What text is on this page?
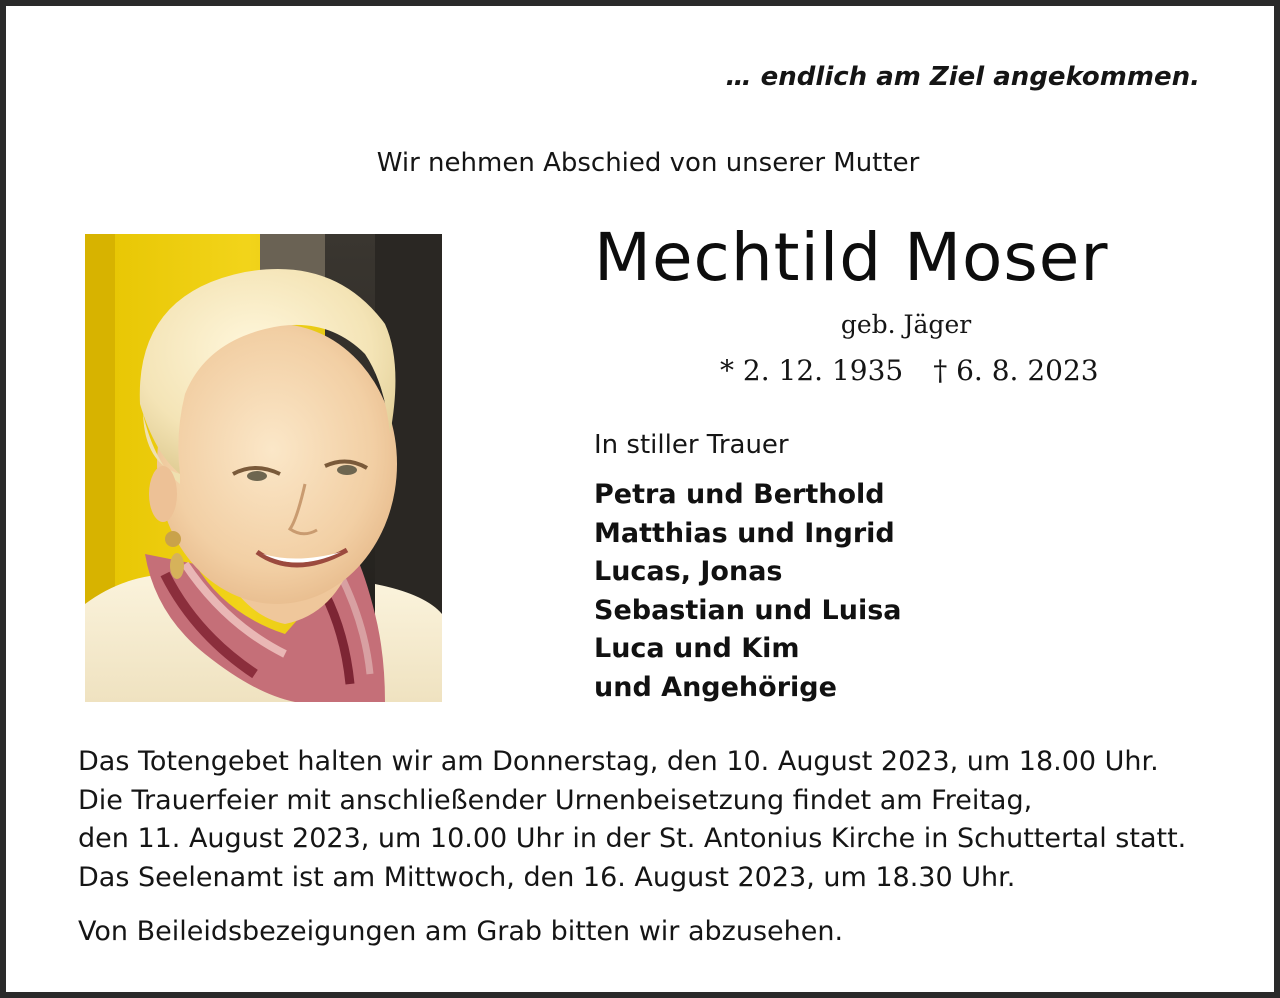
… endlich am Ziel angekommen.
Wir nehmen Abschied von unserer Mutter
Mechtild Moser
geb. Jäger
* 2. 12. 1935 † 6. 8. 2023
In stiller Trauer
Petra und Berthold
Matthias und Ingrid
Lucas, Jonas
Sebastian und Luisa
Luca und Kim
und Angehörige

Das Totengebet halten wir am Donnerstag, den 10. August 2023, um 18.00 Uhr.

Die Trauerfeier mit anschließender Urnenbeisetzung findet am Freitag,

den 11. August 2023, um 10.00 Uhr in der St. Antonius Kirche in Schuttertal statt.

Das Seelenamt ist am Mittwoch, den 16. August 2023, um 18.30 Uhr.

Von Beileidsbezeigungen am Grab bitten wir abzusehen.
